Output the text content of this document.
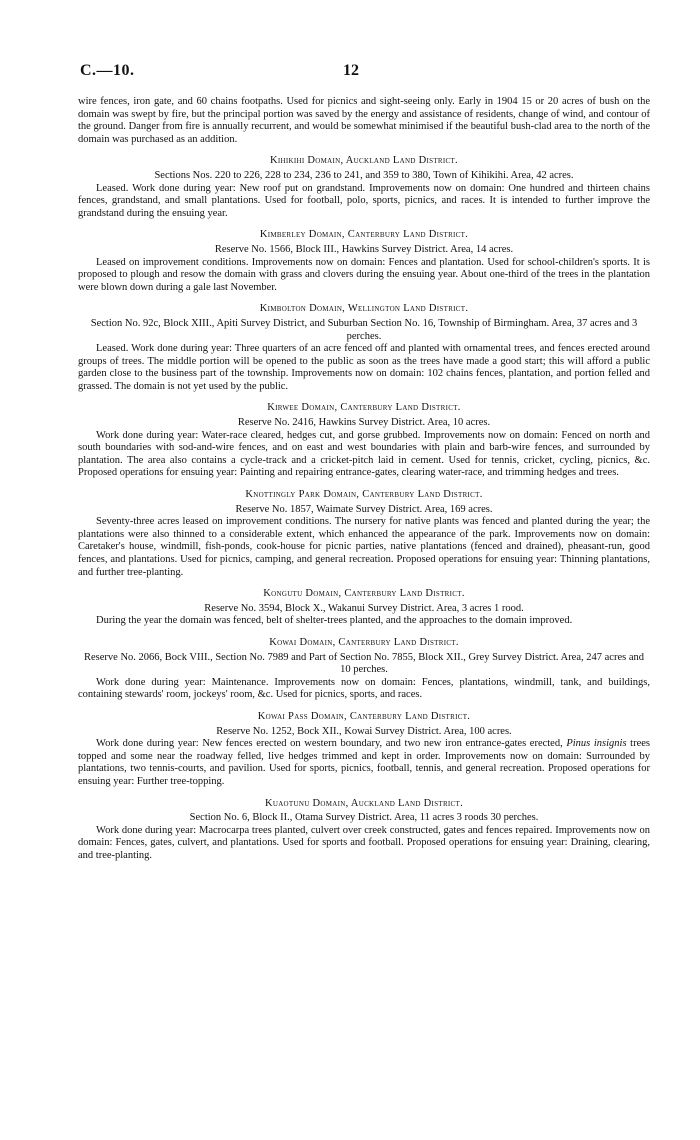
C.—10.	12

wire fences, iron gate, and 60 chains footpaths. Used for picnics and sight-seeing only. Early in 1904 15 or 20 acres of bush on the domain was swept by fire, but the principal portion was saved by the energy and assistance of residents, change of wind, and contour of the ground. Danger from fire is annually recurrent, and would be somewhat minimised if the beautiful bush-clad area to the north of the domain was purchased as an addition.

Kihikihi Domain, Auckland Land District.

Sections Nos. 220 to 226, 228 to 234, 236 to 241, and 359 to 380, Town of Kihikihi. Area, 42 acres.

Leased. Work done during year: New roof put on grandstand. Improvements now on domain: One hundred and thirteen chains fences, grandstand, and small plantations. Used for football, polo, sports, picnics, and races. It is intended to further improve the grandstand during the ensuing year.

Kimberley Domain, Canterbury Land District.

Reserve No. 1566, Block III., Hawkins Survey District. Area, 14 acres.

Leased on improvement conditions. Improvements now on domain: Fences and plantation. Used for school-children's sports. It is proposed to plough and resow the domain with grass and clovers during the ensuing year. About one-third of the trees in the plantation were blown down during a gale last November.

Kimbolton Domain, Wellington Land District.

Section No. 92c, Block XIII., Apiti Survey District, and Suburban Section No. 16, Township of Birmingham. Area, 37 acres and 3 perches.

Leased. Work done during year: Three quarters of an acre fenced off and planted with ornamental trees, and fences erected around groups of trees. The middle portion will be opened to the public as soon as the trees have made a good start; this will afford a public garden close to the business part of the township. Improvements now on domain: 102 chains fences, plantation, and portion felled and grassed. The domain is not yet used by the public.

Kirwee Domain, Canterbury Land District.

Reserve No. 2416, Hawkins Survey District. Area, 10 acres.

Work done during year: Water-race cleared, hedges cut, and gorse grubbed. Improvements now on domain: Fenced on north and south boundaries with sod-and-wire fences, and on east and west boundaries with plain and barb-wire fences, and surrounded by plantation. The area also contains a cycle-track and a cricket-pitch laid in cement. Used for tennis, cricket, cycling, picnics, &c. Proposed operations for ensuing year: Painting and repairing entrance-gates, clearing water-race, and trimming hedges and trees.

Knottingly Park Domain, Canterbury Land District.

Reserve No. 1857, Waimate Survey District. Area, 169 acres.

Seventy-three acres leased on improvement conditions. The nursery for native plants was fenced and planted during the year; the plantations were also thinned to a considerable extent, which enhanced the appearance of the park. Improvements now on domain: Caretaker's house, windmill, fish-ponds, cook-house for picnic parties, native plantations (fenced and drained), pheasant-run, good fences, and plantations. Used for picnics, camping, and general recreation. Proposed operations for ensuing year: Thinning plantations, and further tree-planting.

Kongutu Domain, Canterbury Land District.

Reserve No. 3594, Block X., Wakanui Survey District. Area, 3 acres 1 rood.

During the year the domain was fenced, belt of shelter-trees planted, and the approaches to the domain improved.

Kowai Domain, Canterbury Land District.

Reserve No. 2066, Bock VIII., Section No. 7989 and Part of Section No. 7855, Block XII., Grey Survey District. Area, 247 acres and 10 perches.

Work done during year: Maintenance. Improvements now on domain: Fences, plantations, windmill, tank, and buildings, containing stewards' room, jockeys' room, &c. Used for picnics, sports, and races.

Kowai Pass Domain, Canterbury Land District.

Reserve No. 1252, Bock XII., Kowai Survey District. Area, 100 acres.

Work done during year: New fences erected on western boundary, and two new iron entrance-gates erected, Pinus insignis trees topped and some near the roadway felled, live hedges trimmed and kept in order. Improvements now on domain: Surrounded by plantations, two tennis-courts, and pavilion. Used for sports, picnics, football, tennis, and general recreation. Proposed operations for ensuing year: Further tree-topping.

Kuaotunu Domain, Auckland Land District.

Section No. 6, Block II., Otama Survey District. Area, 11 acres 3 roods 30 perches.

Work done during year: Macrocarpa trees planted, culvert over creek constructed, gates and fences repaired. Improvements now on domain: Fences, gates, culvert, and plantations. Used for sports and football. Proposed operations for ensuing year: Draining, clearing, and tree-planting.
